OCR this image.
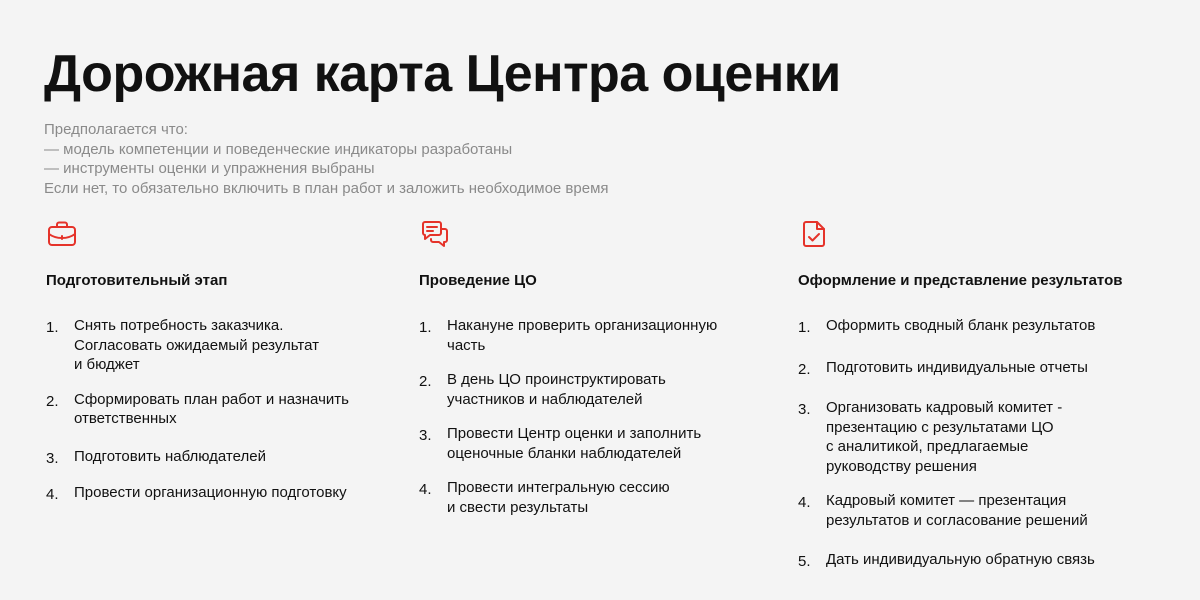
Дорожная карта Центра оценки
Предполагается что:
— модель компетенции и поведенческие индикаторы разработаны
— инструменты оценки и упражнения выбраны
Если нет, то обязательно включить в план работ и заложить необходимое время
Подготовительный этап
1. Снять потребность заказчика.
Согласовать ожидаемый результат
и бюджет
2. Сформировать план работ и назначить
ответственных
3. Подготовить наблюдателей
4. Провести организационную подготовку
Проведение ЦО
1. Накануне проверить организационную
часть
2. В день ЦО проинструктировать
участников и наблюдателей
3. Провести Центр оценки и заполнить
оценочные бланки наблюдателей
4. Провести интегральную сессию
и свести результаты
Оформление и представление результатов
1. Оформить сводный бланк результатов
2. Подготовить индивидуальные отчеты
3. Организовать кадровый комитет -
презентацию с результатами ЦО
с аналитикой, предлагаемые
руководству решения
4. Кадровый комитет — презентация
результатов и согласование решений
5. Дать индивидуальную обратную связь
